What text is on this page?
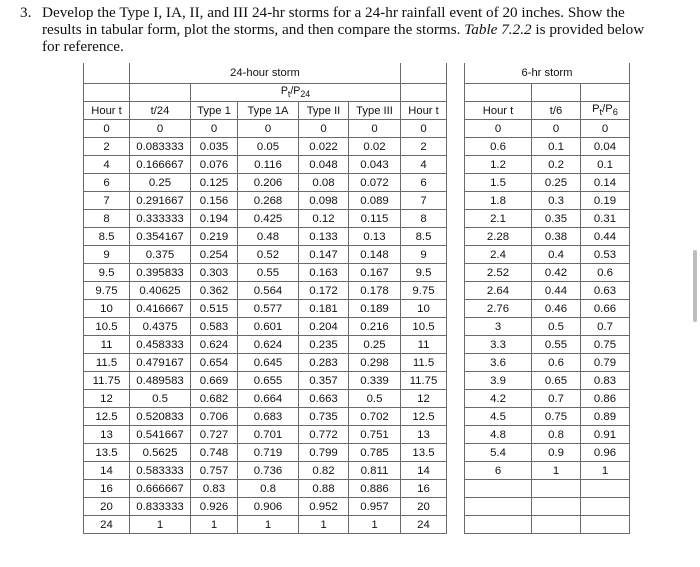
3. Develop the Type I, IA, II, and III 24-hr storms for a 24-hr rainfall event of 20 inches. Show the results in tabular form, plot the storms, and then compare the storms. Table 7.2.2 is provided below for reference.
	24-hour storm							6-hr storm		
		$P_t/P_{24}$					
Hour t	t/24	Type 1	Type 1A	Type II	Type III	Hour t		Hour t	t/6	$P_t/P_6$
0	0	0	0	0	0	0		0	0	0
2	0.083333	0.035	0.05	0.022	0.02	2		0.6	0.1	0.04
4	0.166667	0.076	0.116	0.048	0.043	4		1.2	0.2	0.1
6	0.25	0.125	0.206	0.08	0.072	6		1.5	0.25	0.14
7	0.291667	0.156	0.268	0.098	0.089	7		1.8	0.3	0.19
8	0.333333	0.194	0.425	0.12	0.115	8		2.1	0.35	0.31
8.5	0.354167	0.219	0.48	0.133	0.13	8.5		2.28	0.38	0.44
9	0.375	0.254	0.52	0.147	0.148	9		2.4	0.4	0.53
9.5	0.395833	0.303	0.55	0.163	0.167	9.5		2.52	0.42	0.6
9.75	0.40625	0.362	0.564	0.172	0.178	9.75		2.64	0.44	0.63
10	0.416667	0.515	0.577	0.181	0.189	10		2.76	0.46	0.66
10.5	0.4375	0.583	0.601	0.204	0.216	10.5		3	0.5	0.7
11	0.458333	0.624	0.624	0.235	0.25	11		3.3	0.55	0.75
11.5	0.479167	0.654	0.645	0.283	0.298	11.5		3.6	0.6	0.79
11.75	0.489583	0.669	0.655	0.357	0.339	11.75		3.9	0.65	0.83
12	0.5	0.682	0.664	0.663	0.5	12		4.2	0.7	0.86
12.5	0.520833	0.706	0.683	0.735	0.702	12.5		4.5	0.75	0.89
13	0.541667	0.727	0.701	0.772	0.751	13		4.8	0.8	0.91
13.5	0.5625	0.748	0.719	0.799	0.785	13.5		5.4	0.9	0.96
14	0.583333	0.757	0.736	0.82	0.811	14		6	1	1
16	0.666667	0.83	0.8	0.88	0.886	16				
20	0.833333	0.926	0.906	0.952	0.957	20				
24	1	1	1	1	1	24				
